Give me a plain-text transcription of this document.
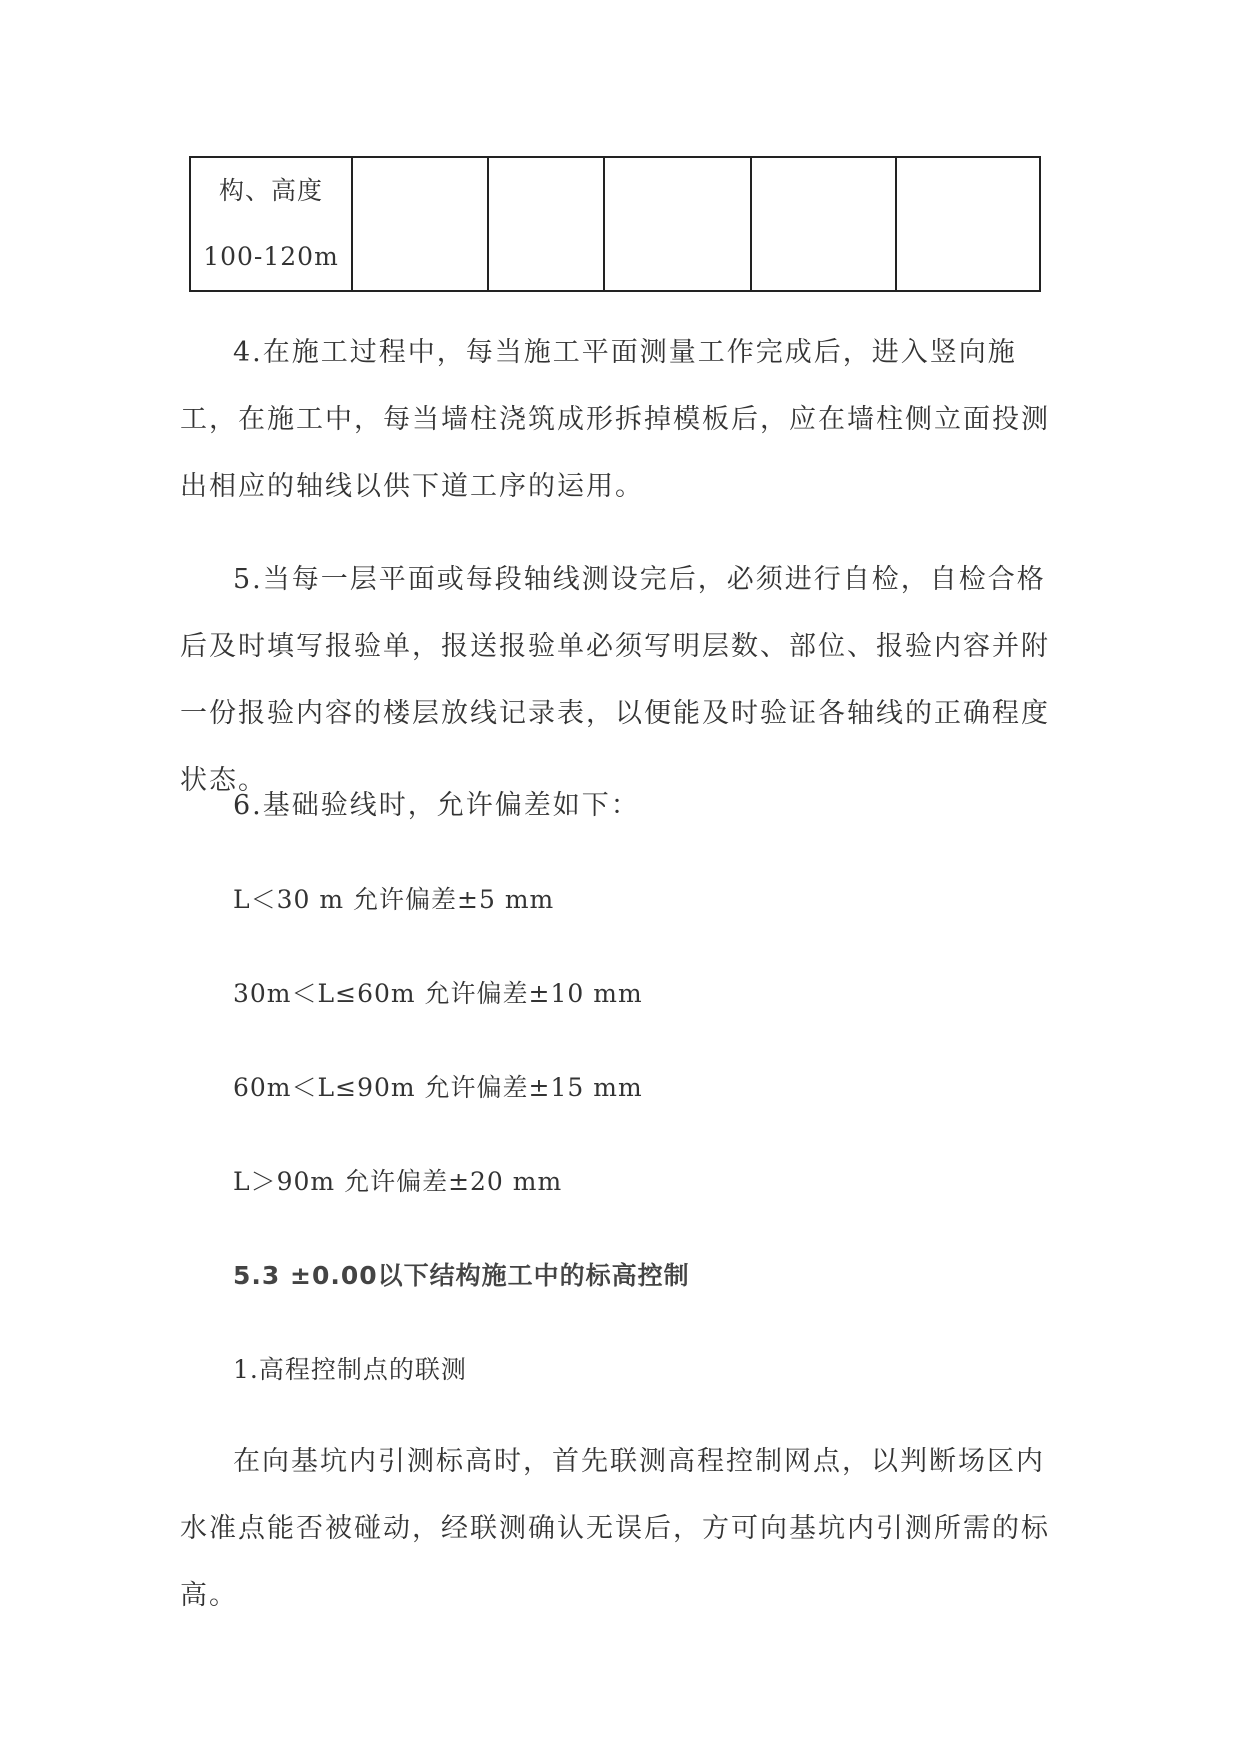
构、高度
100-120m

4.在施工过程中，每当施工平面测量工作完成后，进入竖向施工，在施工中，每当墙柱浇筑成形拆掉模板后，应在墙柱侧立面投测出相应的轴线以供下道工序的运用。

5.当每一层平面或每段轴线测设完后，必须进行自检，自检合格后及时填写报验单，报送报验单必须写明层数、部位、报验内容并附一份报验内容的楼层放线记录表，以便能及时验证各轴线的正确程度状态。

6.基础验线时，允许偏差如下：

L＜30 m 允许偏差±5 mm

30m＜L≤60m 允许偏差±10 mm

60m＜L≤90m 允许偏差±15 mm

L＞90m 允许偏差±20 mm

5.3 ±0.00以下结构施工中的标高控制

1.高程控制点的联测

在向基坑内引测标高时，首先联测高程控制网点，以判断场区内水准点能否被碰动，经联测确认无误后，方可向基坑内引测所需的标高。
